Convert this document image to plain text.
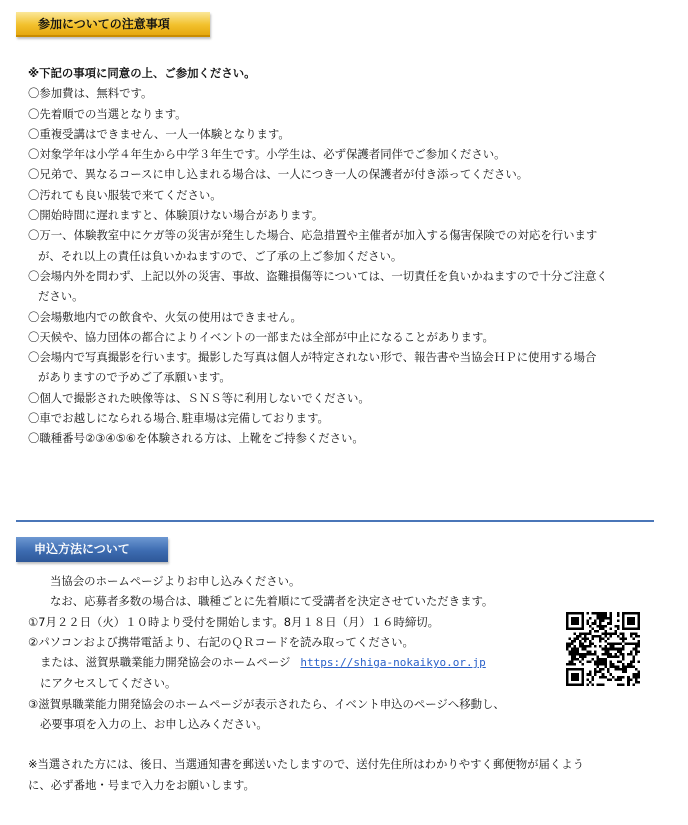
参加についての注意事項
※下記の事項に同意の上、ご参加ください。
〇参加費は、無料です。
〇先着順での当選となります。
〇重複受講はできません、一人一体験となります。
〇対象学年は小学４年生から中学３年生です。小学生は、必ず保護者同伴でご参加ください。
〇兄弟で、異なるコースに申し込まれる場合は、一人につき一人の保護者が付き添ってください。
〇汚れても良い服装で来てください。
〇開始時間に遅れますと、体験頂けない場合があります。
〇万一、体験教室中にケガ等の災害が発生した場合、応急措置や主催者が加入する傷害保険での対応を行います
が、それ以上の責任は負いかねますので、ご了承の上ご参加ください。
〇会場内外を問わず、上記以外の災害、事故、盗難損傷等については、一切責任を負いかねますので十分ご注意く
ださい。
〇会場敷地内での飲食や、火気の使用はできません。
〇天候や、協力団体の都合によりイベントの一部または全部が中止になることがあります。
〇会場内で写真撮影を行います。撮影した写真は個人が特定されない形で、報告書や当協会ＨＰに使用する場合
がありますので予めご了承願います。
〇個人で撮影された映像等は、ＳＮＳ等に利用しないでください。
〇車でお越しになられる場合､駐車場は完備しております。
〇職種番号②③④⑤⑥を体験される方は、上靴をご持参ください。
申込方法について
当協会のホームページよりお申し込みください。
なお、応募者多数の場合は、職種ごとに先着順にて受講者を決定させていただきます。
①7月２２日（火）１０時より受付を開始します。8月１８日（月）１６時締切。
②パソコンおよび携帯電話より、右記のＱＲコードを読み取ってください。
または、滋賀県職業能力開発協会のホームページ https://shiga-nokaikyo.or.jp
にアクセスしてください。
③滋賀県職業能力開発協会のホームページが表示されたら、イベント申込のページへ移動し、
必要事項を入力の上、お申し込みください。
※当選された方には、後日、当選通知書を郵送いたしますので、送付先住所はわかりやすく郵便物が届くよう
に、必ず番地・号まで入力をお願いします。
